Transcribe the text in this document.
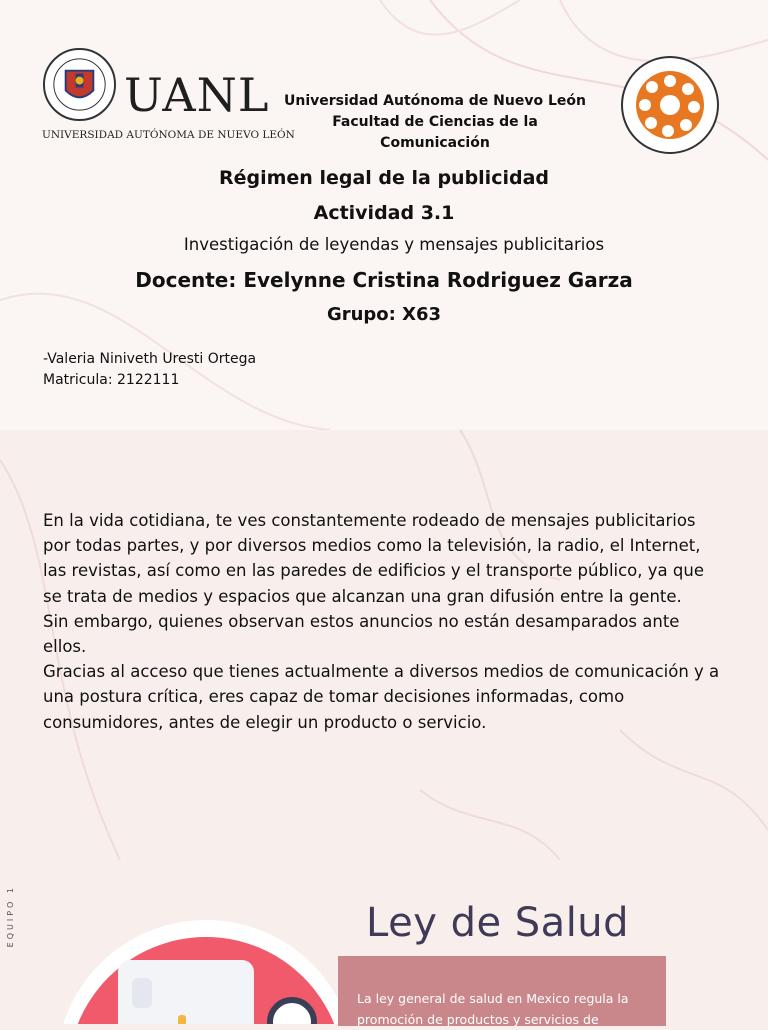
UANL
UNIVERSIDAD AUTÓNOMA DE NUEVO LEÓN
Universidad Autónoma de Nuevo León
Facultad de Ciencias de la Comunicación
Régimen legal de la publicidad
Actividad 3.1
Investigación de leyendas y mensajes publicitarios
Docente: Evelynne Cristina Rodriguez Garza
Grupo: X63
-Valeria Niniveth Uresti Ortega
Matricula: 2122111

En la vida cotidiana, te ves constantemente rodeado de mensajes publicitarios por todas partes, y por diversos medios como la televisión, la radio, el Internet, las revistas, así como en las paredes de edificios y el transporte público, ya que se trata de medios y espacios que alcanzan una gran difusión entre la gente.

Sin embargo, quienes observan estos anuncios no están desamparados ante ellos.

Gracias al acceso que tienes actualmente a diversos medios de comunicación y a una postura crítica, eres capaz de tomar decisiones informadas, como consumidores, antes de elegir un producto o servicio.

EQUIPO 1	Ley de Salud

La ley general de salud en Mexico regula la promoción de productos y servicios de
